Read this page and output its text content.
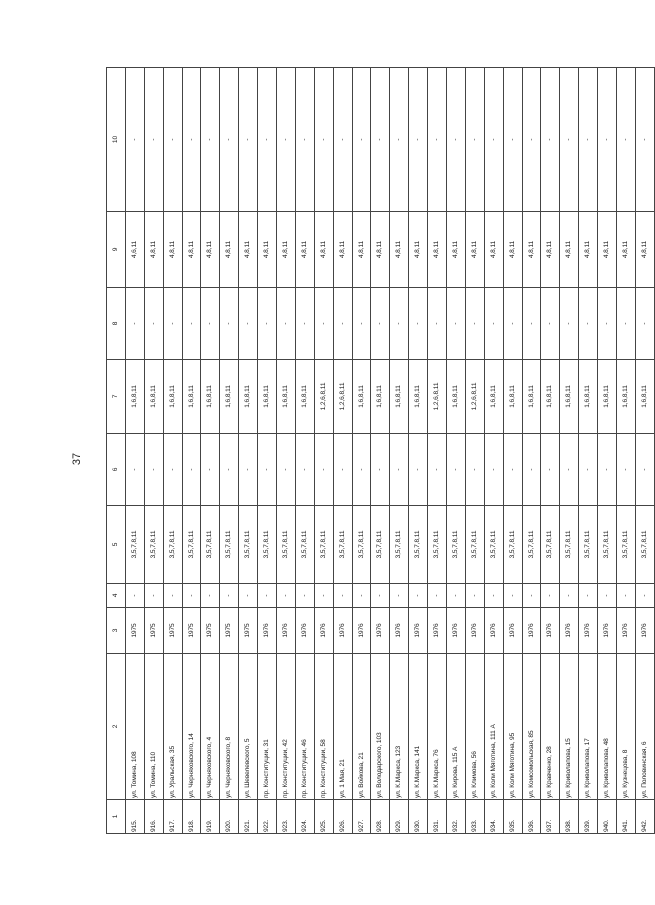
37
1	2	3	4	5	6	7	8	9	10
915.	ул. Томина, 108	1975	-	3,5,7,8,11	-	1,6,8,11	-	4,6,11	-
916.	ул. Томина, 110	1975	-	3,5,7,8,11	-	1,6,8,11	-	4,8,11	-
917.	ул. Уральская, 35	1975	-	3,5,7,8,11	-	1,6,8,11	-	4,8,11	-
918.	ул. Черняховского, 14	1975	-	3,5,7,8,11	-	1,6,8,11	-	4,8,11	-
919.	ул. Черняховского, 4	1975	-	3,5,7,8,11	-	1,6,8,11	-	4,8,11	-
920.	ул. Черняховского, 8	1975	-	3,5,7,8,11	-	1,6,8,11	-	4,8,11	-
921.	ул. Шевелевского, 5	1975	-	3,5,7,8,11	-	1,6,8,11	-	4,8,11	-
922.	пр. Конституции, 31	1976	-	3,5,7,8,11	-	1,6,8,11	-	4,8,11	-
923.	пр. Конституции, 42	1976	-	3,5,7,8,11	-	1,6,8,11	-	4,8,11	-
924.	пр. Конституции, 46	1976	-	3,5,7,8,11	-	1,6,8,11	-	4,8,11	-
925.	пр. Конституции, 58	1976	-	3,5,7,8,11	-	1,2,6,8,11	-	4,8,11	-
926.	ул. 1 Мая, 21	1976	-	3,5,7,8,11	-	1,2,6,8,11	-	4,8,11	-
927.	ул. Войкова, 21	1976	-	3,5,7,8,11	-	1,6,8,11	-	4,8,11	-
928.	ул. Володарского, 103	1976	-	3,5,7,8,11	-	1,6,8,11	-	4,8,11	-
929.	ул. К.Маркса, 123	1976	-	3,5,7,8,11	-	1,6,8,11	-	4,8,11	-
930.	ул. К.Маркса, 141	1976	-	3,5,7,8,11	-	1,6,8,11	-	4,8,11	-
931.	ул. К.Маркса, 76	1976	-	3,5,7,8,11	-	1,2,6,8,11	-	4,8,11	-
932.	ул. Кирова, 115 А	1976	-	3,5,7,8,11	-	1,6,8,11	-	4,8,11	-
933.	ул. Климова, 56	1976	-	3,5,7,8,11	-	1,2,6,8,11	-	4,8,11	-
934.	ул. Коли Мяготина, 111 А	1976	-	3,5,7,8,11	-	1,6,8,11	-	4,8,11	-
935.	ул. Коли Мяготина, 95	1976	-	3,5,7,8,11	-	1,6,8,11	-	4,8,11	-
936.	ул. Комсомольская, 85	1976	-	3,5,7,8,11	-	1,6,8,11	-	4,8,11	-
937.	ул. Кравченко, 28	1976	-	3,5,7,8,11	-	1,6,8,11	-	4,8,11	-
938.	ул. Криволапова, 15	1976	-	3,5,7,8,11	-	1,6,8,11	-	4,8,11	-
939.	ул. Криволапова, 17	1976	-	3,5,7,8,11	-	1,6,8,11	-	4,8,11	-
940.	ул. Криволапова, 48	1976	-	3,5,7,8,11	-	1,6,8,11	-	4,8,11	-
941.	ул. Кузнецова, 8	1976	-	3,5,7,8,11	-	1,6,8,11	-	4,8,11	-
942.	ул. Половинская, 6	1976	-	3,5,7,8,11	-	1,6,8,11	-	4,8,11	-
